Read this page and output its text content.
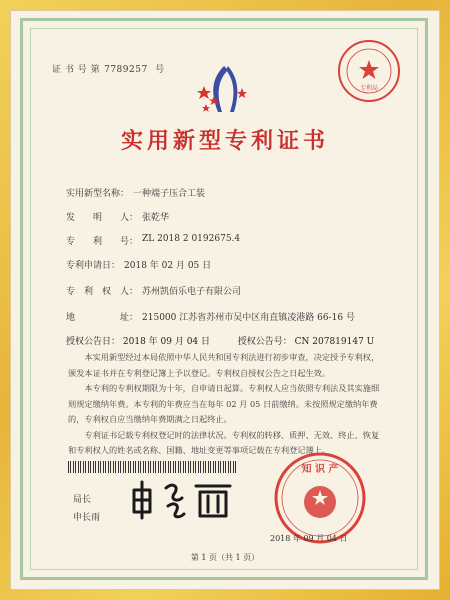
证 书 号 第 7789257 号
专利局
实用新型专利证书
实用新型名称： 一种端子压合工装
发　　明　　人： 张乾华
专　　利　　号： ZL 2018 2 0192675.4
专利申请日： 2018 年 02 月 05 日
专　利　权　人： 苏州凯佰乐电子有限公司
地　　　　　址： 215000 江苏省苏州市吴中区甪直镇凌港路 66-16 号
授权公告日： 2018 年 09 月 04 日	授权公告号： CN 207819147 U

本实用新型经过本局依照中华人民共和国专利法进行初步审查，决定授予专利权，颁发本证书并在专利登记簿上予以登记。专利权自授权公告之日起生效。

本专利的专利权期限为十年，自申请日起算。专利权人应当依照专利法及其实施细则规定缴纳年费。本专利的年费应当在每年 02 月 05 日前缴纳。未按照规定缴纳年费的，专利权自应当缴纳年费期满之日起终止。

专利证书记载专利权登记时的法律状况。专利权的转移、质押、无效、终止、恢复和专利权人的姓名或名称、国籍、地址变更等事项记载在专利登记簿上。

局长
申长雨
知 识 产
2018 年 09 月 04 日
第 1 页（共 1 页）
